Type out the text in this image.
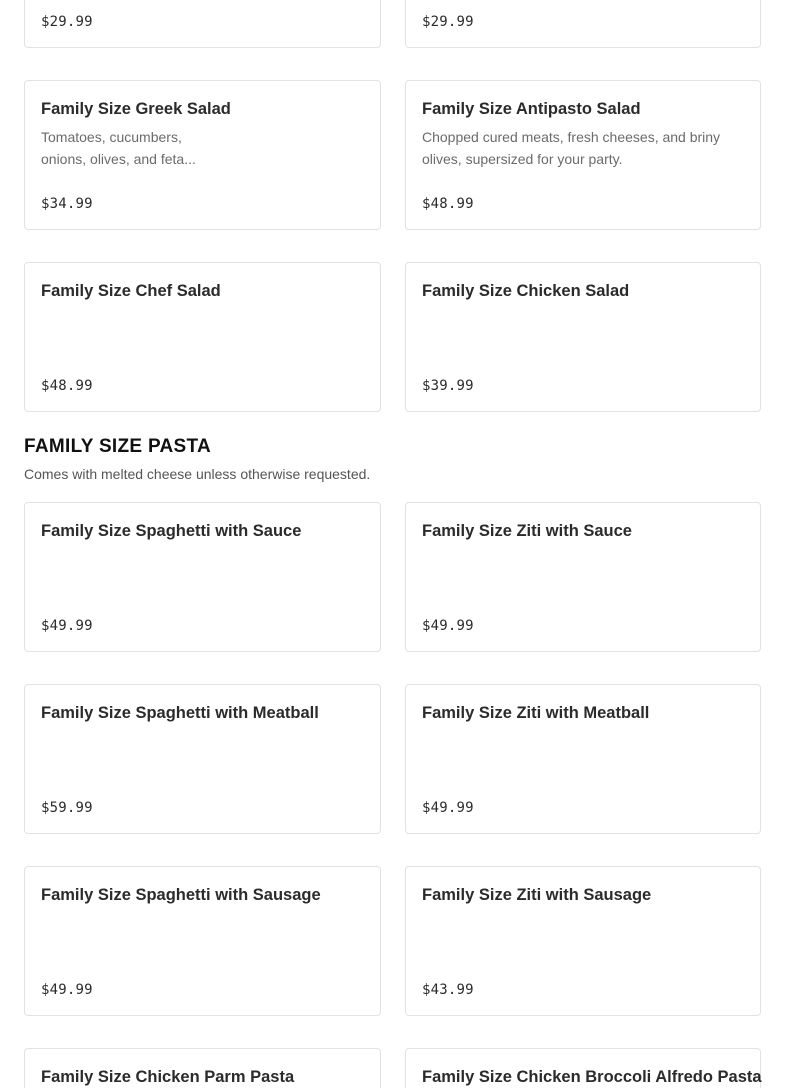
$29.99	$29.99
Family Size Greek Salad
Tomatoes, cucumbers, onions, olives, and feta...
$34.99
Family Size Antipasto Salad
Chopped cured meats, fresh cheeses, and briny olives, supersized for your party.
$48.99
Family Size Chef Salad
$48.99
Family Size Chicken Salad
$39.99
FAMILY SIZE PASTA

Comes with melted cheese unless otherwise requested.

Family Size Spaghetti with Sauce
$49.99
Family Size Ziti with Sauce
$49.99
Family Size Spaghetti with Meatball
$59.99
Family Size Ziti with Meatball
$49.99
Family Size Spaghetti with Sausage
$49.99
Family Size Ziti with Sausage
$43.99
Family Size Chicken Parm Pasta	Family Size Chicken Broccoli Alfredo Pasta
